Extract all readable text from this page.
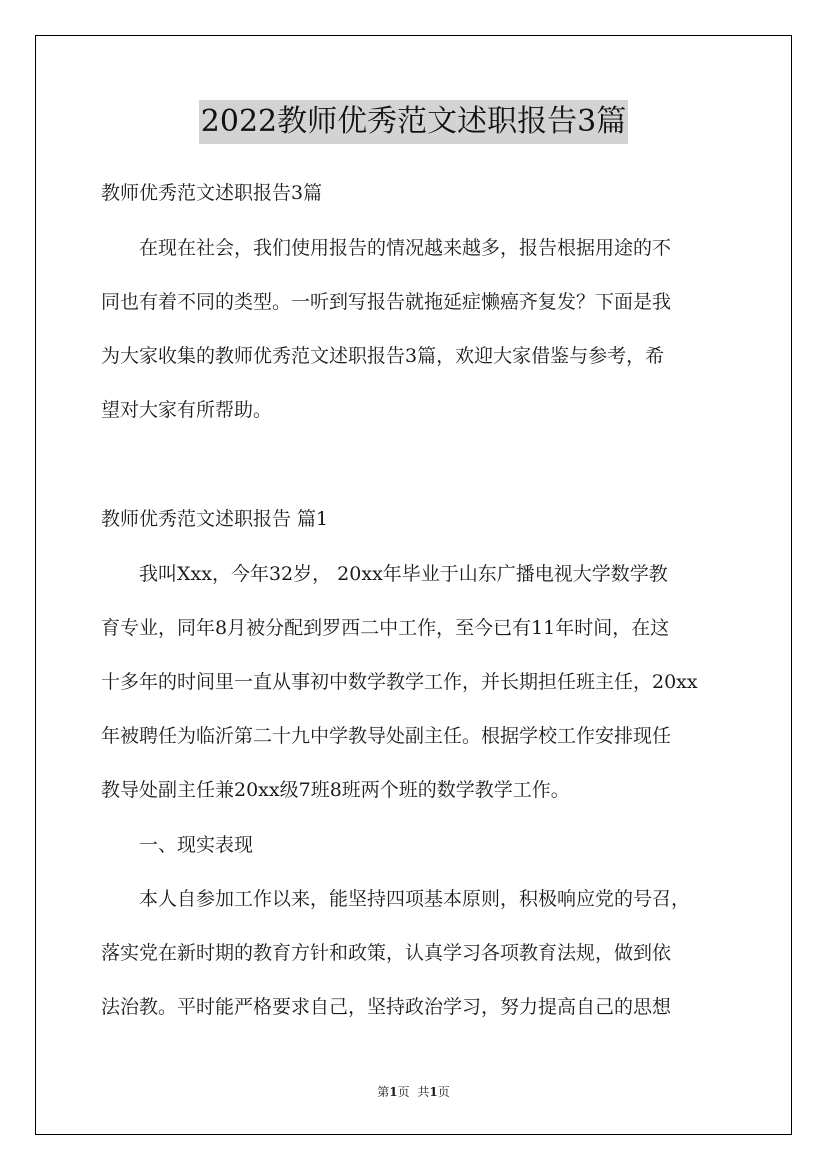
2022教师优秀范文述职报告3篇
教师优秀范文述职报告3篇
　　在现在社会，我们使用报告的情况越来越多，报告根据用途的不
同也有着不同的类型。一听到写报告就拖延症懒癌齐复发？下面是我
为大家收集的教师优秀范文述职报告3篇，欢迎大家借鉴与参考，希
望对大家有所帮助。
教师优秀范文述职报告 篇1
　　我叫Xxx，今年32岁， 20xx年毕业于山东广播电视大学数学教
育专业，同年8月被分配到罗西二中工作，至今已有11年时间，在这
十多年的时间里一直从事初中数学教学工作，并长期担任班主任，20xx
年被聘任为临沂第二十九中学教导处副主任。根据学校工作安排现任
教导处副主任兼20xx级7班8班两个班的数学教学工作。
　　一、现实表现
　　本人自参加工作以来，能坚持四项基本原则，积极响应党的号召，
落实党在新时期的教育方针和政策，认真学习各项教育法规，做到依
法治教。平时能严格要求自己，坚持政治学习，努力提高自己的思想
第1页 共1页
